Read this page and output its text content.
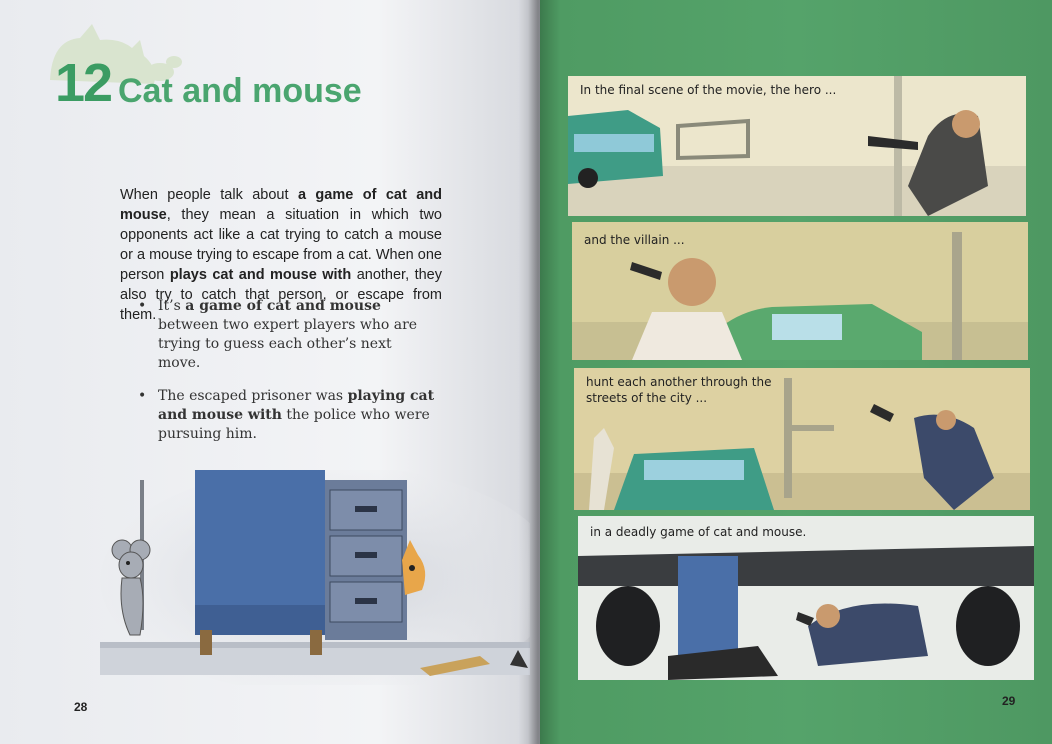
12 Cat and mouse

When people talk about a game of cat and mouse, they mean a situation in which two opponents act like a cat trying to catch a mouse or a mouse trying to escape from a cat. When one person plays cat and mouse with another, they also try to catch that person, or escape from them.

• It’s a game of cat and mouse between two expert players who are trying to guess each other’s next move.
• The escaped prisoner was playing cat and mouse with the police who were pursuing him.
28
In the final scene of the movie, the hero ...
and the villain ...
hunt each another through the streets of the city ...
in a deadly game of cat and mouse.
29
